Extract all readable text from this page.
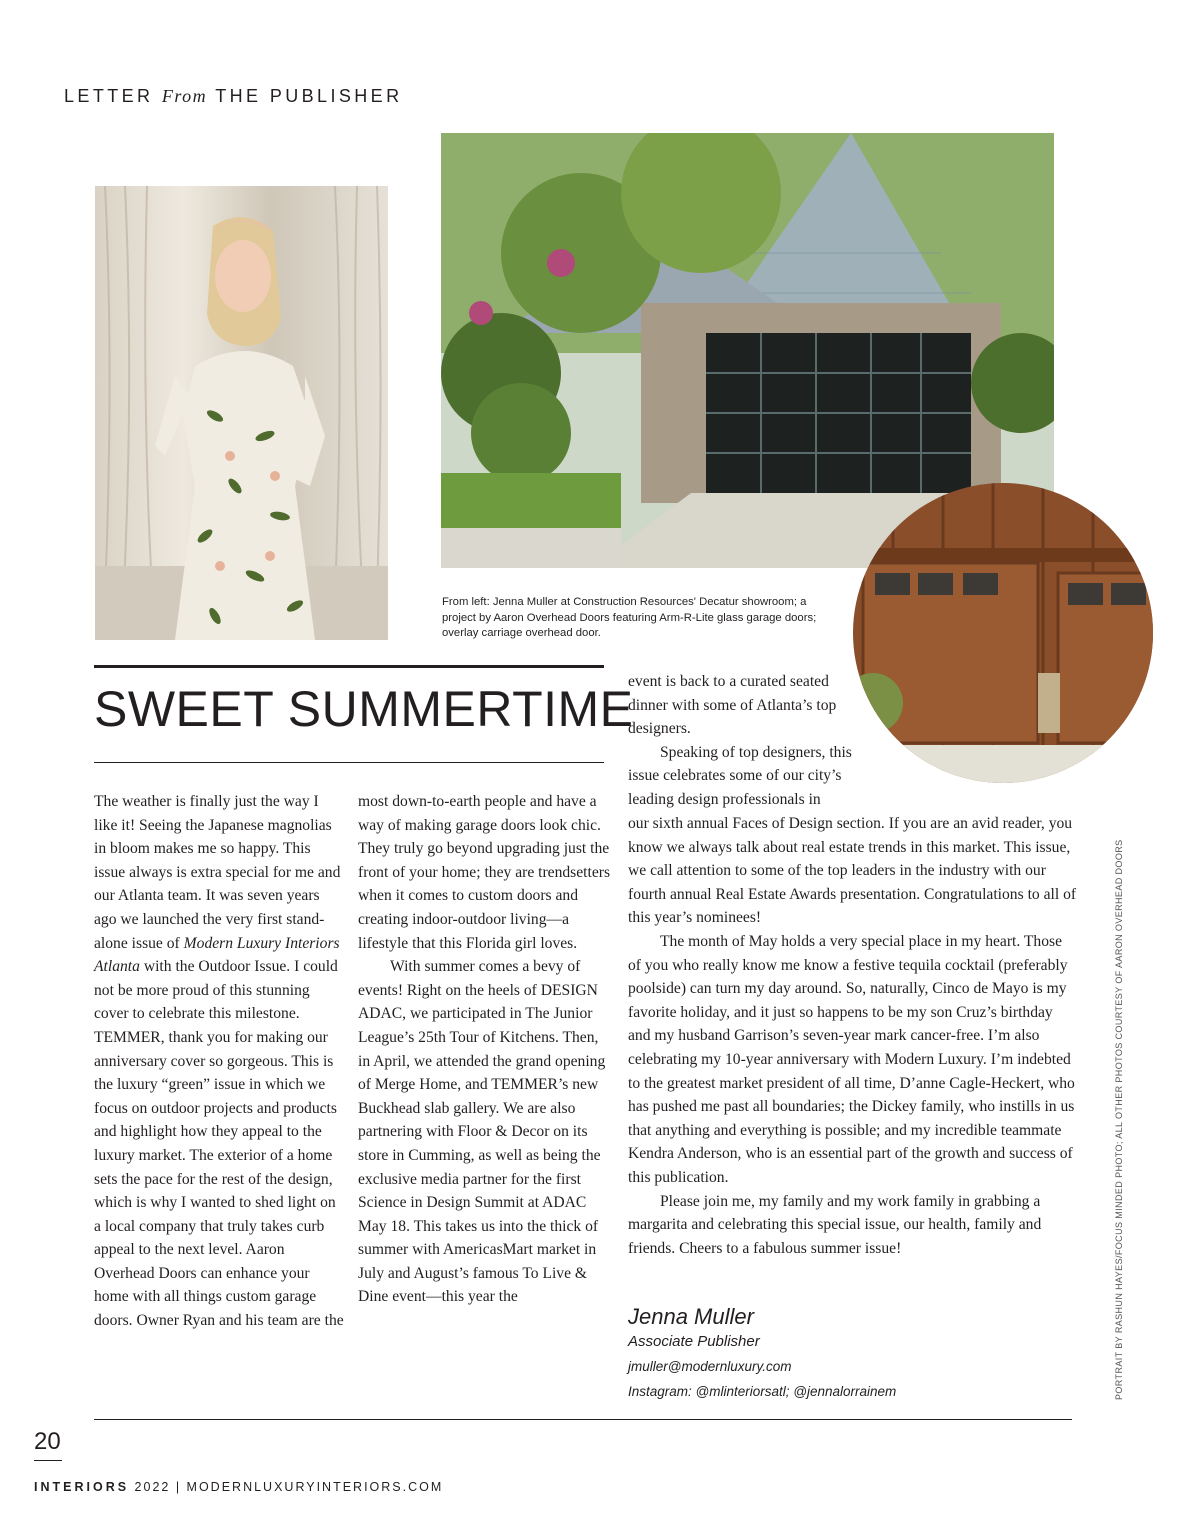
LETTER From THE PUBLISHER
From left: Jenna Muller at Construction Resources' Decatur showroom; a project by Aaron Overhead Doors featuring Arm-R-Lite glass garage doors; overlay carriage overhead door.
SWEET SUMMERTIME

The weather is finally just the way I like it! Seeing the Japanese magnolias in bloom makes me so happy. This issue always is extra special for me and our Atlanta team. It was seven years ago we launched the very first stand-alone issue of Modern Luxury Interiors Atlanta with the Outdoor Issue. I could not be more proud of this stunning cover to celebrate this milestone. TEMMER, thank you for making our anniversary cover so gorgeous. This is the luxury “green” issue in which we focus on outdoor projects and products and highlight how they appeal to the luxury market. The exterior of a home sets the pace for the rest of the design, which is why I wanted to shed light on a local company that truly takes curb appeal to the next level. Aaron Overhead Doors can enhance your home with all things custom garage doors. Owner Ryan and his team are the

most down-to-earth people and have a way of making garage doors look chic. They truly go beyond upgrading just the front of your home; they are trendsetters when it comes to custom doors and creating indoor-outdoor living—a lifestyle that this Florida girl loves.

With summer comes a bevy of events! Right on the heels of DESIGN ADAC, we participated in The Junior League’s 25th Tour of Kitchens. Then, in April, we attended the grand opening of Merge Home, and TEMMER’s new Buckhead slab gallery. We are also partnering with Floor & Decor on its store in Cumming, as well as being the exclusive media partner for the first Science in Design Summit at ADAC May 18. This takes us into the thick of summer with AmericasMart market in July and August’s famous To Live & Dine event—this year the

event is back to a curated seated dinner with some of Atlanta’s top designers.

Speaking of top designers, this issue celebrates some of our city’s leading design professionals in

our sixth annual Faces of Design section. If you are an avid reader, you know we always talk about real estate trends in this market. This issue, we call attention to some of the top leaders in the industry with our fourth annual Real Estate Awards presentation. Congratulations to all of this year’s nominees!

The month of May holds a very special place in my heart. Those of you who really know me know a festive tequila cocktail (preferably poolside) can turn my day around. So, naturally, Cinco de Mayo is my favorite holiday, and it just so happens to be my son Cruz’s birthday and my husband Garrison’s seven-year mark cancer-free. I’m also celebrating my 10-year anniversary with Modern Luxury. I’m indebted to the greatest market president of all time, D’anne Cagle-Heckert, who has pushed me past all boundaries; the Dickey family, who instills in us that anything and everything is possible; and my incredible teammate Kendra Anderson, who is an essential part of the growth and success of this publication.

Please join me, my family and my work family in grabbing a margarita and celebrating this special issue, our health, family and friends. Cheers to a fabulous summer issue!

Jenna Muller
Associate Publisher
jmuller@modernluxury.com
Instagram: @mlinteriorsatl; @jennalorrainem	PORTRAIT BY RASHUN HAYES/FOCUS MINDED PHOTO; ALL OTHER PHOTOS COURTESY OF AARON OVERHEAD DOORS
20
INTERIORS 2022 | MODERNLUXURYINTERIORS.COM
